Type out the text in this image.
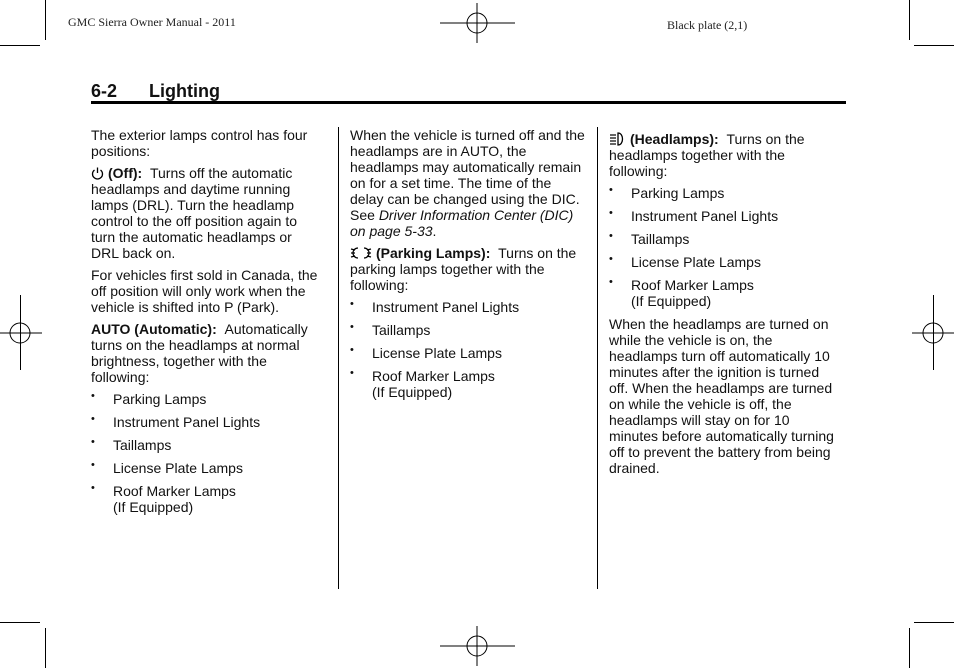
GMC Sierra Owner Manual - 2011	Black plate (2,1)
6-2 Lighting

The exterior lamps control has four positions:

(Off): Turns off the automatic headlamps and daytime running lamps (DRL). Turn the headlamp control to the off position again to turn the automatic headlamps or DRL back on.

For vehicles first sold in Canada, the off position will only work when the vehicle is shifted into P (Park).

AUTO (Automatic): Automatically turns on the headlamps at normal brightness, together with the following:

• Parking Lamps
• Instrument Panel Lights
• Taillamps
• License Plate Lamps
• Roof Marker Lamps
(If Equipped)

When the vehicle is turned off and the headlamps are in AUTO, the headlamps may automatically remain on for a set time. The time of the delay can be changed using the DIC. See Driver Information Center (DIC) on page 5-33.

(Parking Lamps): Turns on the parking lamps together with the following:

• Instrument Panel Lights
• Taillamps
• License Plate Lamps
• Roof Marker Lamps
(If Equipped)

(Headlamps): Turns on the headlamps together with the following:

• Parking Lamps
• Instrument Panel Lights
• Taillamps
• License Plate Lamps
• Roof Marker Lamps
(If Equipped)

When the headlamps are turned on while the vehicle is on, the headlamps turn off automatically 10 minutes after the ignition is turned off. When the headlamps are turned on while the vehicle is off, the headlamps will stay on for 10 minutes before automatically turning off to prevent the battery from being drained.
